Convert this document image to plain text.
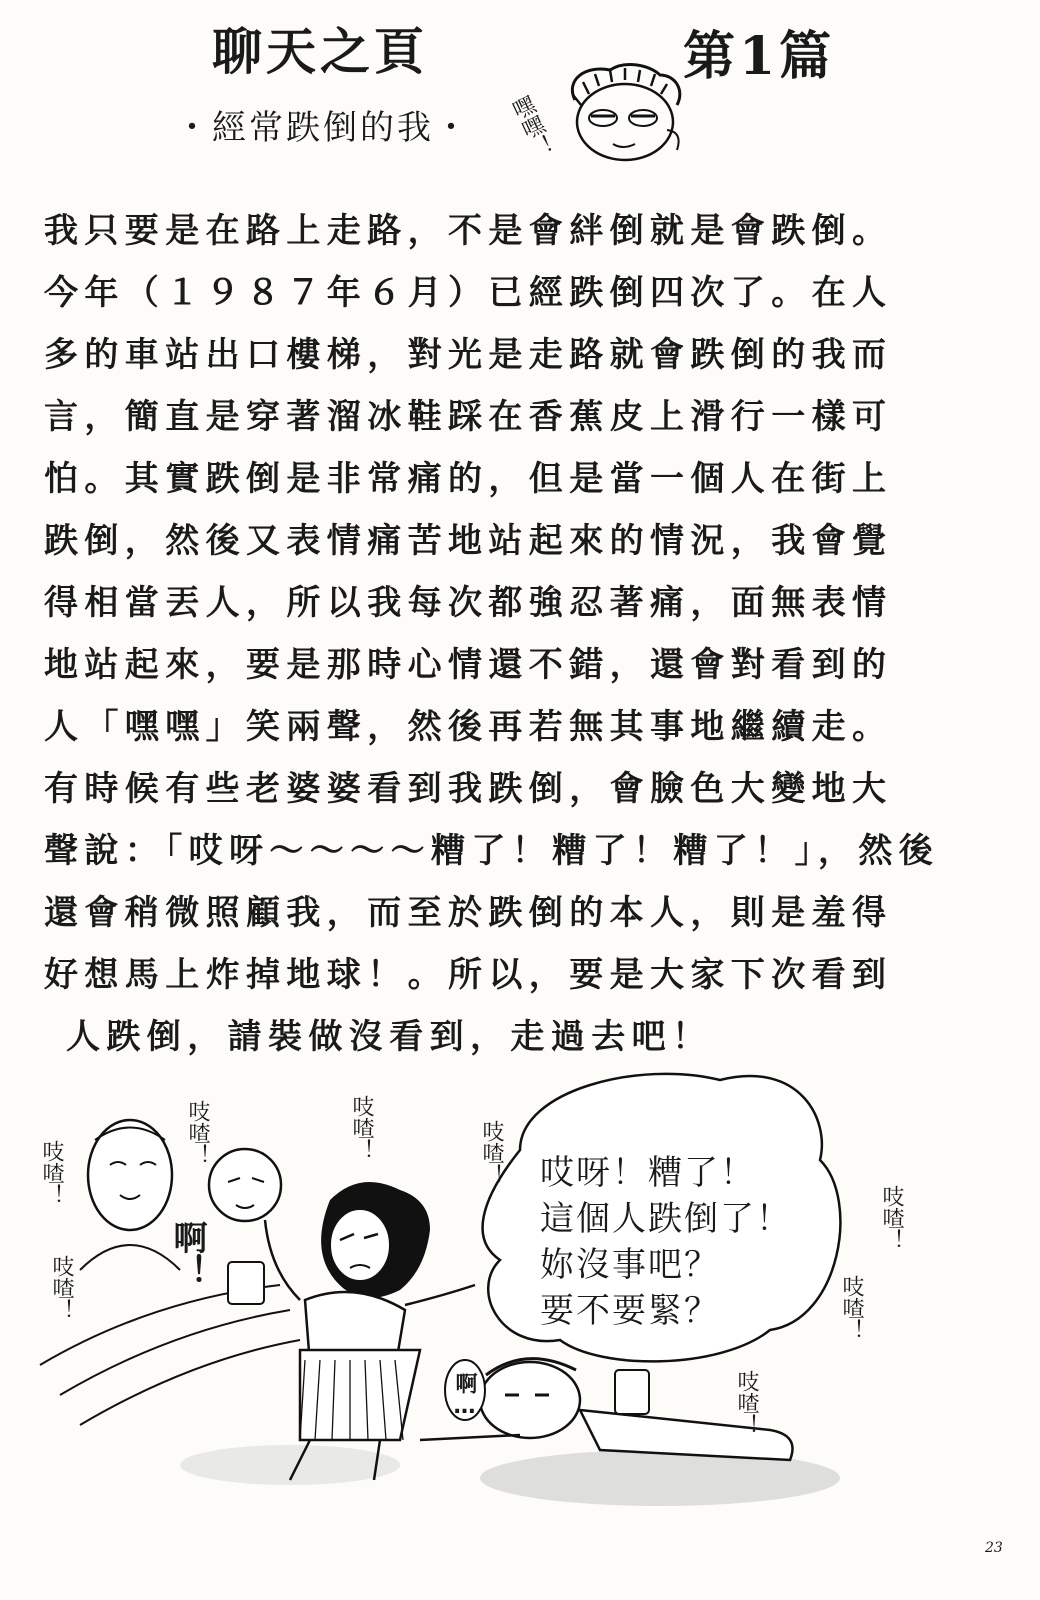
聊天之頁	第1篇
・經常跌倒的我・ 嘿嘿！
我只要是在路上走路，不是會絆倒就是會跌倒。
今年（１９８７年６月）已經跌倒四次了。在人
多的車站出口樓梯，對光是走路就會跌倒的我而
言，簡直是穿著溜冰鞋踩在香蕉皮上滑行一樣可
怕。其實跌倒是非常痛的，但是當一個人在街上
跌倒，然後又表情痛苦地站起來的情況，我會覺
得相當丟人，所以我每次都強忍著痛，面無表情
地站起來，要是那時心情還不錯，還會對看到的
人「嘿嘿」笑兩聲，然後再若無其事地繼續走。
有時候有些老婆婆看到我跌倒，會臉色大變地大
聲說：「哎呀～～～～糟了！糟了！糟了！」，然後
還會稍微照顧我，而至於跌倒的本人，則是羞得
好想馬上炸掉地球！。所以，要是大家下次看到
人跌倒，請裝做沒看到，走過去吧！
哎呀！糟了！
這個人跌倒了！
妳沒事吧？
要不要緊？
吱喳！
吱喳！
吱喳！	吱喳！	吱喳！
吱喳！
吱喳！
吱喳！
啊！
啊…
23
